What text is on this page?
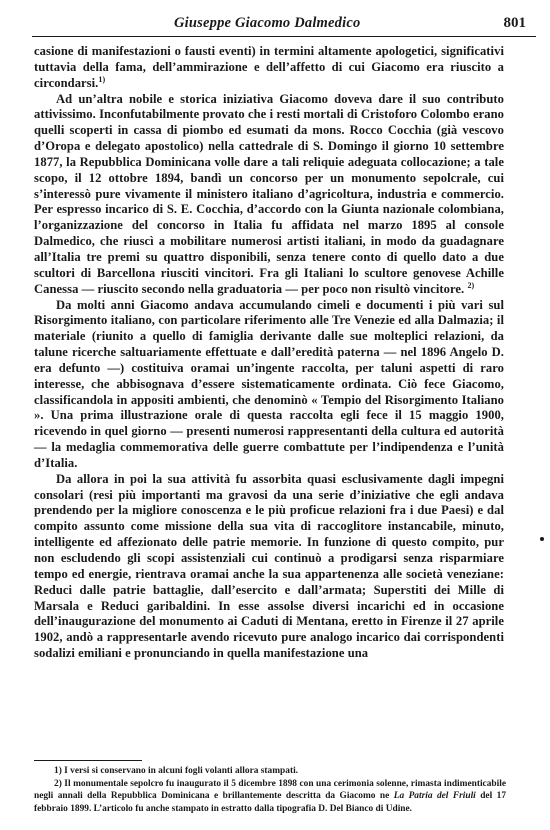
Giuseppe Giacomo Dalmedico	801

casione di manifestazioni o fausti eventi) in termini altamente apologetici, significativi tuttavia della fama, dell’ammirazione e dell’affetto di cui Giacomo era riuscito a circondarsi.$^{1)}$

Ad un’altra nobile e storica iniziativa Giacomo doveva dare il suo contributo attivissimo. Inconfutabilmente provato che i resti mortali di Cristoforo Colombo erano quelli scoperti in cassa di piombo ed esumati da mons. Rocco Cocchia (già vescovo d’Oropa e delegato apostolico) nella cattedrale di S. Domingo il giorno 10 settembre 1877, la Repubblica Dominicana volle dare a tali reliquie adeguata collocazione; a tale scopo, il 12 ottobre 1894, bandì un concorso per un monumento sepolcrale, cui s’interessò pure vivamente il ministero italiano d’agricoltura, industria e commercio. Per espresso incarico di S. E. Cocchia, d’accordo con la Giunta nazionale colombiana, l’organizzazione del concorso in Italia fu affidata nel marzo 1895 al console Dalmedico, che riuscì a mobilitare numerosi artisti italiani, in modo da guadagnare all’Italia tre premi su quattro disponibili, senza tenere conto di quello dato a due scultori di Barcellona riusciti vincitori. Fra gli Italiani lo scultore genovese Achille Canessa — riuscito secondo nella graduatoria — per poco non risultò vincitore. $^{2)}$

Da molti anni Giacomo andava accumulando cimeli e documenti i più vari sul Risorgimento italiano, con particolare riferimento alle Tre Venezie ed alla Dalmazia; il materiale (riunito a quello di famiglia derivante dalle sue molteplici relazioni, da talune ricerche saltuariamente effettuate e dall’eredità paterna — nel 1896 Angelo D. era defunto —) costituiva oramai un’ingente raccolta, per taluni aspetti di raro interesse, che abbisognava d’essere sistematicamente ordinata. Ciò fece Giacomo, classificandola in appositi ambienti, che denominò « Tempio del Risorgimento Italiano ». Una prima illustrazione orale di questa raccolta egli fece il 15 maggio 1900, ricevendo in quel giorno — presenti numerosi rappresentanti della cultura ed autorità — la medaglia commemorativa delle guerre combattute per l’indipendenza e l’unità d’Italia.

Da allora in poi la sua attività fu assorbita quasi esclusivamente dagli impegni consolari (resi più importanti ma gravosi da una serie d’iniziative che egli andava prendendo per la migliore conoscenza e le più proficue relazioni fra i due Paesi) e dal compito assunto come missione della sua vita di raccoglitore instancabile, minuto, intelligente ed affezionato delle patrie memorie. In funzione di questo compito, pur non escludendo gli scopi assistenziali cui continuò a prodigarsi senza risparmiare tempo ed energie, rientrava oramai anche la sua appartenenza alle società veneziane: Reduci dalle patrie battaglie, dall’esercito e dall’armata; Superstiti dei Mille di Marsala e Reduci garibaldini. In esse assolse diversi incarichi ed in occasione dell’inaugurazione del monumento ai Caduti di Mentana, eretto in Firenze il 27 aprile 1902, andò a rappresentarle avendo ricevuto pure analogo incarico dai corrispondenti sodalizi emiliani e pronunciando in quella manifestazione una

1) I versi si conservano in alcuni fogli volanti allora stampati.

2) Il monumentale sepolcro fu inaugurato il 5 dicembre 1898 con una cerimonia solenne, rimasta indimenticabile negli annali della Repubblica Dominicana e brillantemente descritta da Giacomo ne La Patria del Friuli del 17 febbraio 1899. L’articolo fu anche stampato in estratto dalla tipografia D. Del Bianco di Udine.
